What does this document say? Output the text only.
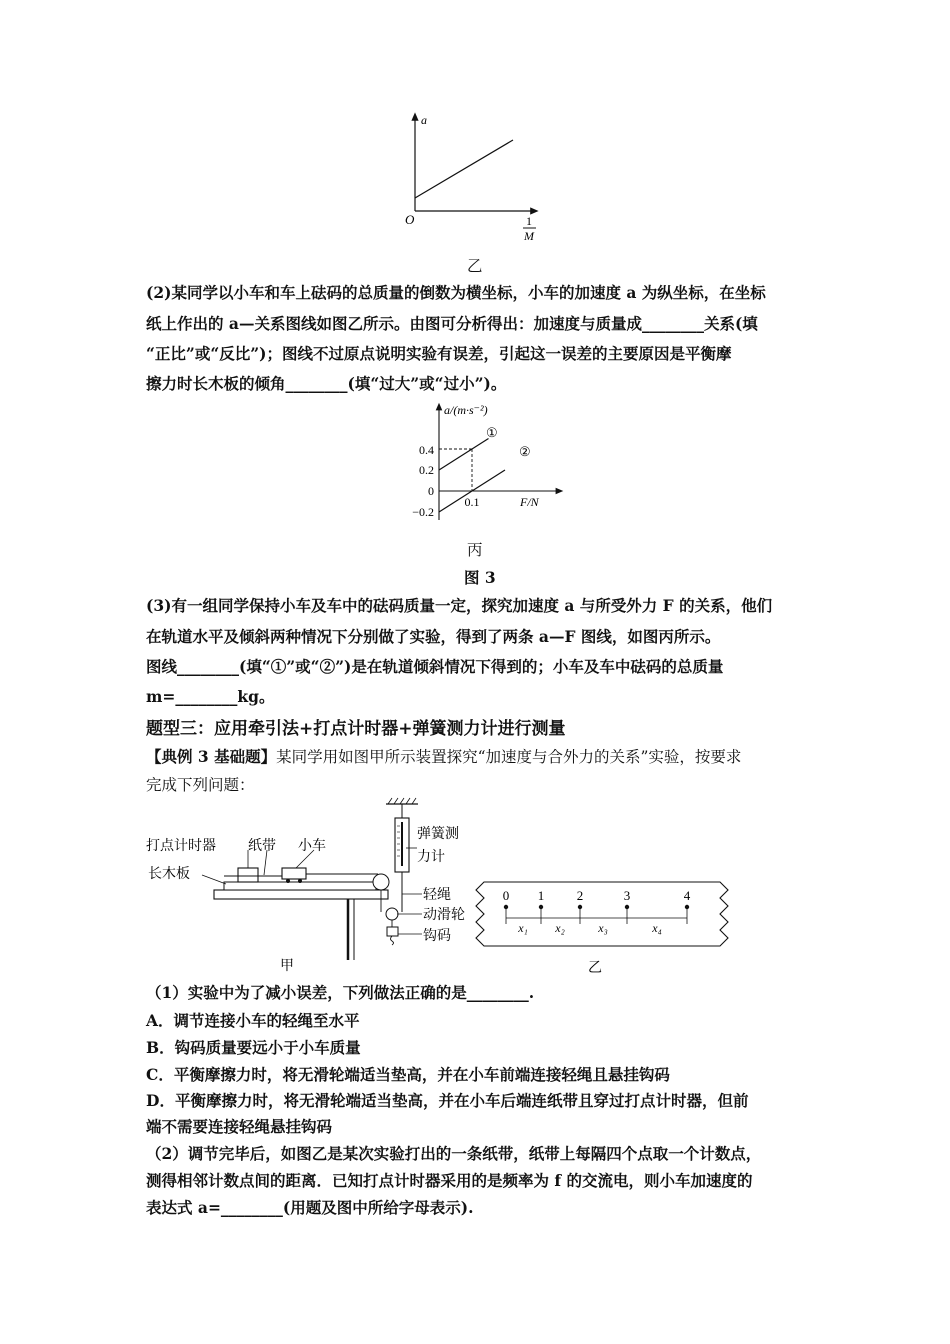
a
O	1
M
乙
(2)某同学以小车和车上砝码的总质量的倒数为横坐标，小车的加速度 a 为纵坐标，在坐标
纸上作出的 a—关系图线如图乙所示。由图可分析得出：加速度与质量成________关系(填
“正比”或“反比”)；图线不过原点说明实验有误差，引起这一误差的主要原因是平衡摩
擦力时长木板的倾角________(填“过大”或“过小”)。
a/(m·s⁻²)
F/N
0.4
0.2
0
−0.2
0.1
①
②
丙
图 3
(3)有一组同学保持小车及车中的砝码质量一定，探究加速度 a 与所受外力 F 的关系，他们
在轨道水平及倾斜两种情况下分别做了实验，得到了两条 a—F 图线，如图丙所示。
图线________(填“①”或“②”)是在轨道倾斜情况下得到的；小车及车中砝码的总质量
m=________kg。
题型三：应用牵引法+打点计时器+弹簧测力计进行测量
【典例 3 基础题】某同学用如图甲所示装置探究“加速度与合外力的关系”实验，按要求
完成下列问题：
打点计时器 纸带 小车
长木板
弹簧测
力计
轻绳
动滑轮
钩码
甲
0 1	2	3	4
x₁ x₂	x₃	x₄
乙
（1）实验中为了减小误差，下列做法正确的是________.
A．调节连接小车的轻绳至水平
B．钩码质量要远小于小车质量
C．平衡摩擦力时，将无滑轮端适当垫高，并在小车前端连接轻绳且悬挂钩码
D．平衡摩擦力时，将无滑轮端适当垫高，并在小车后端连纸带且穿过打点计时器，但前
端不需要连接轻绳悬挂钩码
（2）调节完毕后，如图乙是某次实验打出的一条纸带，纸带上每隔四个点取一个计数点，
测得相邻计数点间的距离．已知打点计时器采用的是频率为 f 的交流电，则小车加速度的
表达式 a=________(用题及图中所给字母表示).
